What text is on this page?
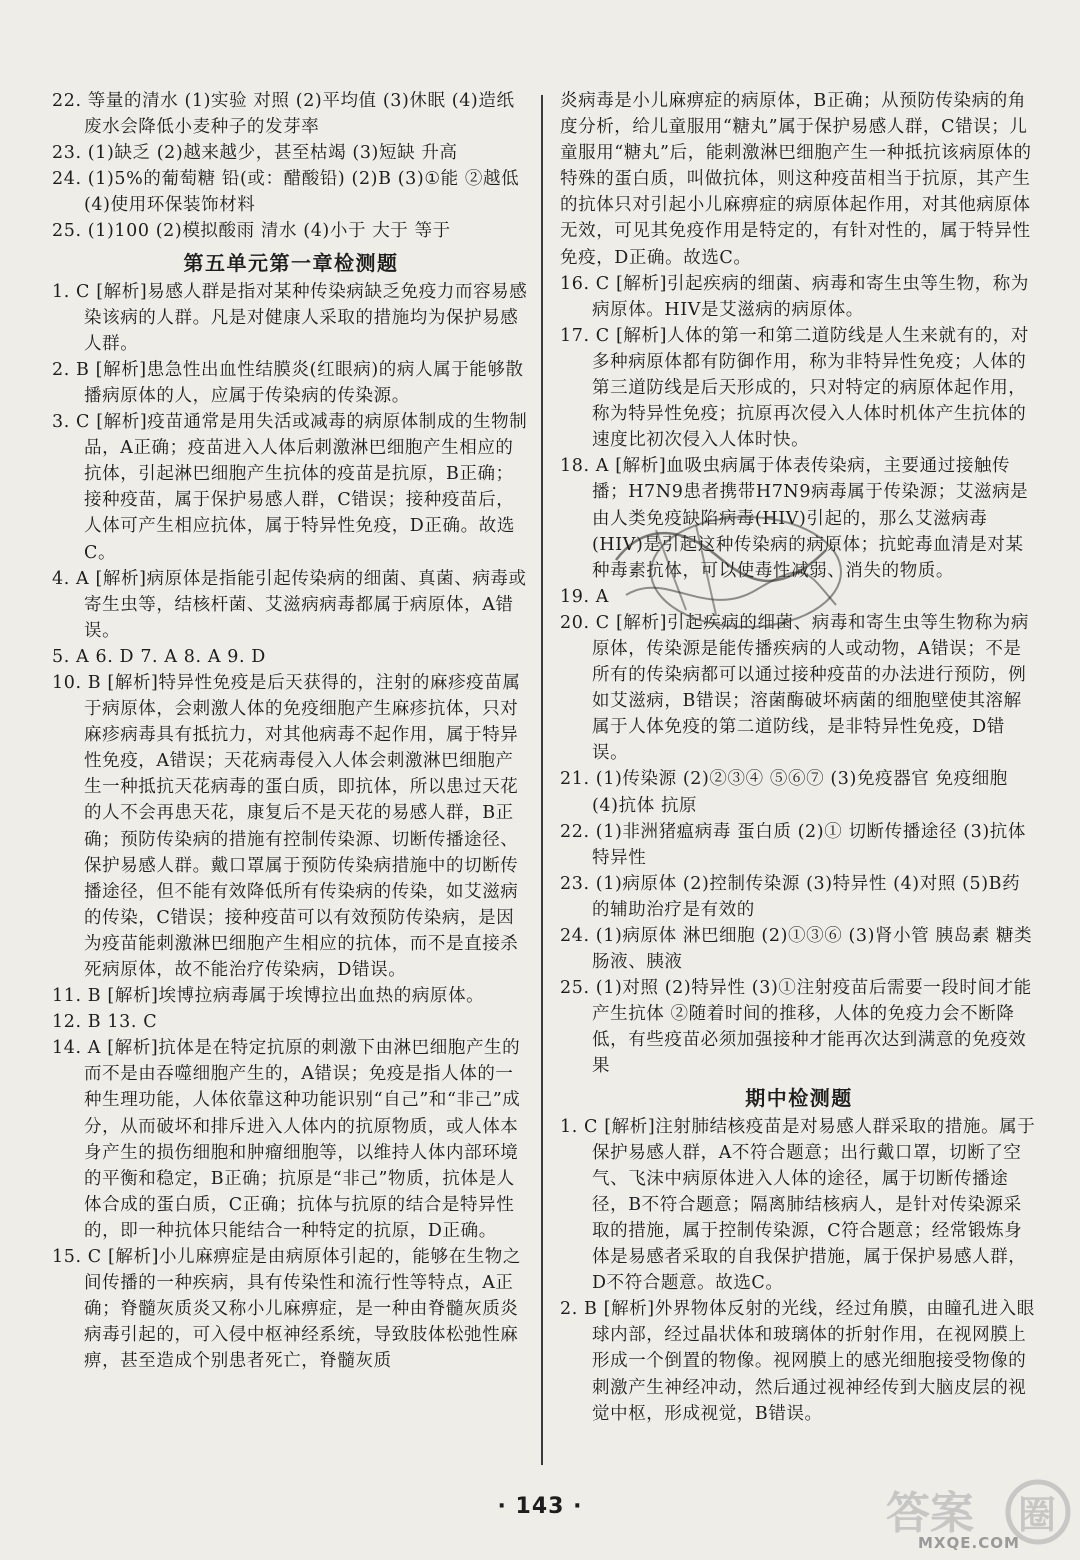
22. 等量的清水 (1)实验 对照 (2)平均值 (3)休眠 (4)造纸废水会降低小麦种子的发芽率

23. (1)缺乏 (2)越来越少，甚至枯竭 (3)短缺 升高

24. (1)5%的葡萄糖 铅(或：醋酸铅) (2)B (3)①能 ②越低 (4)使用环保装饰材料

25. (1)100 (2)模拟酸雨 清水 (4)小于 大于 等于

第五单元第一章检测题

1. C [解析]易感人群是指对某种传染病缺乏免疫力而容易感染该病的人群。凡是对健康人采取的措施均为保护易感人群。

2. B [解析]患急性出血性结膜炎(红眼病)的病人属于能够散播病原体的人，应属于传染病的传染源。

3. C [解析]疫苗通常是用失活或减毒的病原体制成的生物制品，A正确；疫苗进入人体后刺激淋巴细胞产生相应的抗体，引起淋巴细胞产生抗体的疫苗是抗原，B正确；接种疫苗，属于保护易感人群，C错误；接种疫苗后，人体可产生相应抗体，属于特异性免疫，D正确。故选C。

4. A [解析]病原体是指能引起传染病的细菌、真菌、病毒或寄生虫等，结核杆菌、艾滋病病毒都属于病原体，A错误。

5. A 6. D 7. A 8. A 9. D

10. B [解析]特异性免疫是后天获得的，注射的麻疹疫苗属于病原体，会刺激人体的免疫细胞产生麻疹抗体，只对麻疹病毒具有抵抗力，对其他病毒不起作用，属于特异性免疫，A错误；天花病毒侵入人体会刺激淋巴细胞产生一种抵抗天花病毒的蛋白质，即抗体，所以患过天花的人不会再患天花，康复后不是天花的易感人群，B正确；预防传染病的措施有控制传染源、切断传播途径、保护易感人群。戴口罩属于预防传染病措施中的切断传播途径，但不能有效降低所有传染病的传染，如艾滋病的传染，C错误；接种疫苗可以有效预防传染病，是因为疫苗能刺激淋巴细胞产生相应的抗体，而不是直接杀死病原体，故不能治疗传染病，D错误。

11. B [解析]埃博拉病毒属于埃博拉出血热的病原体。

12. B 13. C

14. A [解析]抗体是在特定抗原的刺激下由淋巴细胞产生的而不是由吞噬细胞产生的，A错误；免疫是指人体的一种生理功能，人体依靠这种功能识别“自己”和“非己”成分，从而破坏和排斥进入人体内的抗原物质，或人体本身产生的损伤细胞和肿瘤细胞等，以维持人体内部环境的平衡和稳定，B正确；抗原是“非己”物质，抗体是人体合成的蛋白质，C正确；抗体与抗原的结合是特异性的，即一种抗体只能结合一种特定的抗原，D正确。

15. C [解析]小儿麻痹症是由病原体引起的，能够在生物之间传播的一种疾病，具有传染性和流行性等特点，A正确；脊髓灰质炎又称小儿麻痹症，是一种由脊髓灰质炎病毒引起的，可入侵中枢神经系统，导致肢体松弛性麻痹，甚至造成个别患者死亡，脊髓灰质

炎病毒是小儿麻痹症的病原体，B正确；从预防传染病的角度分析，给儿童服用“糖丸”属于保护易感人群，C错误；儿童服用“糖丸”后，能刺激淋巴细胞产生一种抵抗该病原体的特殊的蛋白质，叫做抗体，则这种疫苗相当于抗原，其产生的抗体只对引起小儿麻痹症的病原体起作用，对其他病原体无效，可见其免疫作用是特定的，有针对性的，属于特异性免疫，D正确。故选C。

16. C [解析]引起疾病的细菌、病毒和寄生虫等生物，称为病原体。HIV是艾滋病的病原体。

17. C [解析]人体的第一和第二道防线是人生来就有的，对多种病原体都有防御作用，称为非特异性免疫；人体的第三道防线是后天形成的，只对特定的病原体起作用，称为特异性免疫；抗原再次侵入人体时机体产生抗体的速度比初次侵入人体时快。

18. A [解析]血吸虫病属于体表传染病，主要通过接触传播；H7N9患者携带H7N9病毒属于传染源；艾滋病是由人类免疫缺陷病毒(HIV)引起的，那么艾滋病毒(HIV)是引起这种传染病的病原体；抗蛇毒血清是对某种毒素抗体，可以使毒性减弱、消失的物质。

19. A

20. C [解析]引起疾病的细菌、病毒和寄生虫等生物称为病原体，传染源是能传播疾病的人或动物，A错误；不是所有的传染病都可以通过接种疫苗的办法进行预防，例如艾滋病，B错误；溶菌酶破坏病菌的细胞壁使其溶解属于人体免疫的第二道防线，是非特异性免疫，D错误。

21. (1)传染源 (2)②③④ ⑤⑥⑦ (3)免疫器官 免疫细胞 (4)抗体 抗原

22. (1)非洲猪瘟病毒 蛋白质 (2)① 切断传播途径 (3)抗体 特异性

23. (1)病原体 (2)控制传染源 (3)特异性 (4)对照 (5)B药的辅助治疗是有效的

24. (1)病原体 淋巴细胞 (2)①③⑥ (3)肾小管 胰岛素 糖类 肠液、胰液

25. (1)对照 (2)特异性 (3)①注射疫苗后需要一段时间才能产生抗体 ②随着时间的推移，人体的免疫力会不断降低，有些疫苗必须加强接种才能再次达到满意的免疫效果

期中检测题

1. C [解析]注射肺结核疫苗是对易感人群采取的措施。属于保护易感人群，A不符合题意；出行戴口罩，切断了空气、飞沫中病原体进入人体的途径，属于切断传播途径，B不符合题意；隔离肺结核病人，是针对传染源采取的措施，属于控制传染源，C符合题意；经常锻炼身体是易感者采取的自我保护措施，属于保护易感人群，D不符合题意。故选C。

2. B [解析]外界物体反射的光线，经过角膜，由瞳孔进入眼球内部，经过晶状体和玻璃体的折射作用，在视网膜上形成一个倒置的物像。视网膜上的感光细胞接受物像的刺激产生神经冲动，然后通过视神经传到大脑皮层的视觉中枢，形成视觉，B错误。

· 143 ·	答案 圈
MXQE.COM
